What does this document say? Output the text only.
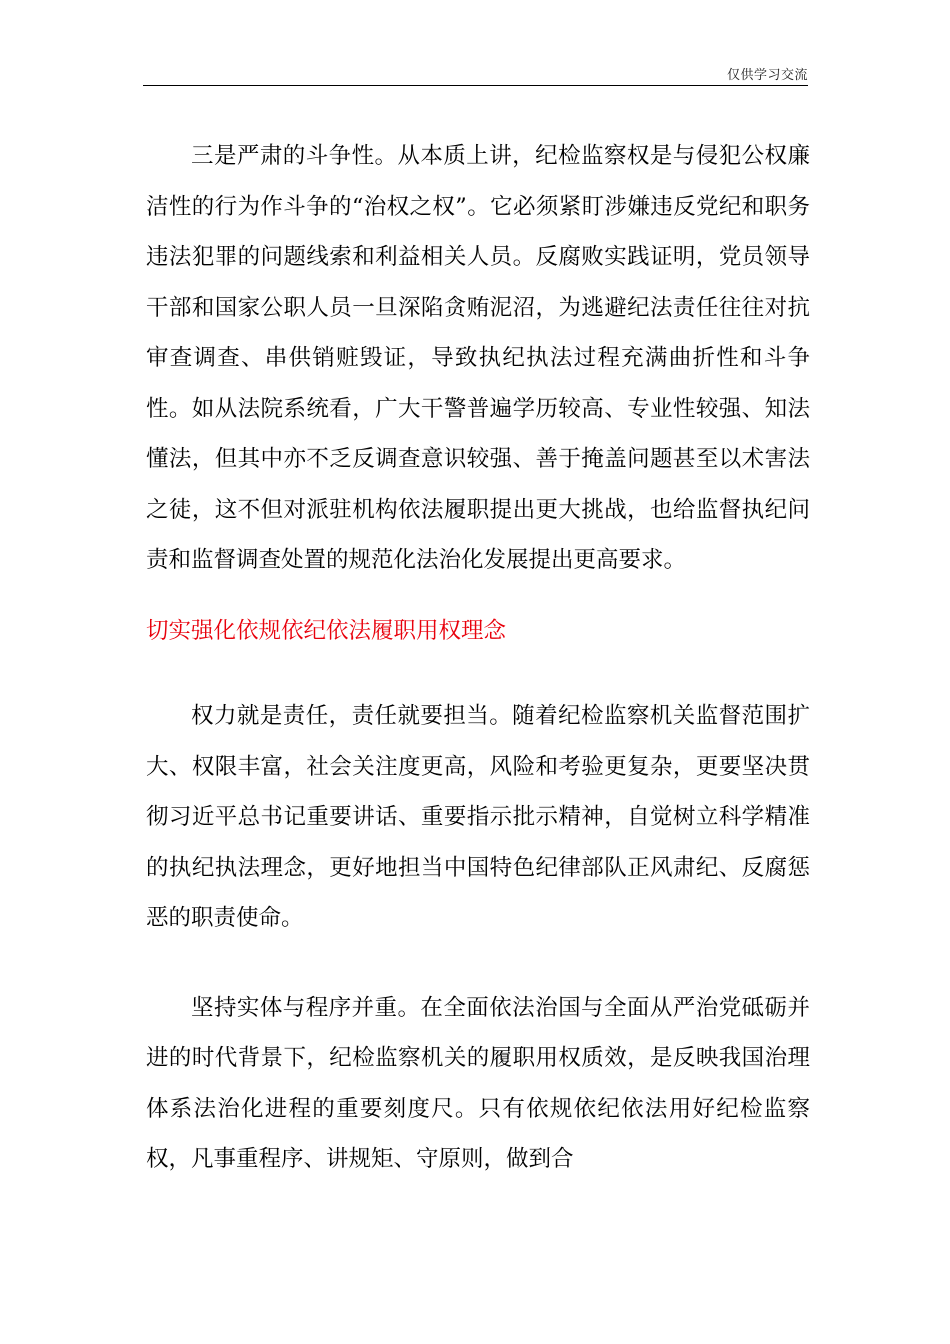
仅供学习交流

三是严肃的斗争性。从本质上讲，纪检监察权是与侵犯公权廉洁性的行为作斗争的“治权之权”。它必须紧盯涉嫌违反党纪和职务违法犯罪的问题线索和利益相关人员。反腐败实践证明，党员领导干部和国家公职人员一旦深陷贪贿泥沼，为逃避纪法责任往往对抗审查调查、串供销赃毁证，导致执纪执法过程充满曲折性和斗争性。如从法院系统看，广大干警普遍学历较高、专业性较强、知法懂法，但其中亦不乏反调查意识较强、善于掩盖问题甚至以术害法之徒，这不但对派驻机构依法履职提出更大挑战，也给监督执纪问责和监督调查处置的规范化法治化发展提出更高要求。

切实强化依规依纪依法履职用权理念

权力就是责任，责任就要担当。随着纪检监察机关监督范围扩大、权限丰富，社会关注度更高，风险和考验更复杂，更要坚决贯彻习近平总书记重要讲话、重要指示批示精神，自觉树立科学精准的执纪执法理念，更好地担当中国特色纪律部队正风肃纪、反腐惩恶的职责使命。

坚持实体与程序并重。在全面依法治国与全面从严治党砥砺并进的时代背景下，纪检监察机关的履职用权质效，是反映我国治理体系法治化进程的重要刻度尺。只有依规依纪依法用好纪检监察权，凡事重程序、讲规矩、守原则，做到合
